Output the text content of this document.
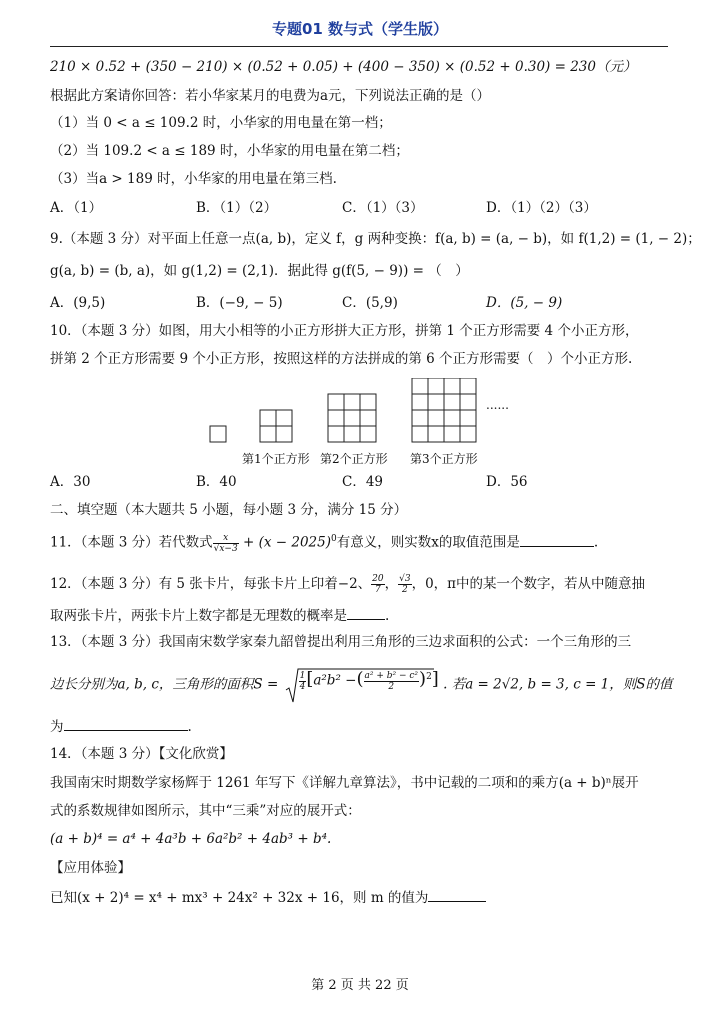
专题01 数与式（学生版）
210 × 0.52 + (350 − 210) × (0.52 + 0.05) + (400 − 350) × (0.52 + 0.30) = 230（元）
根据此方案请你回答：若小华家某月的电费为a元，下列说法正确的是（）
（1）当 0 < a ≤ 109.2 时，小华家的用电量在第一档；
（2）当 109.2 < a ≤ 189 时，小华家的用电量在第二档；
（3）当a > 189 时，小华家的用电量在第三档.
A．（1）	B．（1）（2）	C．（1）（3）	D．（1）（2）（3）
9.（本题 3 分）对平面上任意一点(a, b)，定义 f，g 两种变换：f(a, b) = (a, − b)，如 f(1,2) = (1, − 2)；
g(a, b) = (b, a)，如 g(1,2) = (2,1)．据此得 g(f(5, − 9)) = （　）
A．(9,5)	B．(−9, − 5)	C．(5,9)	D．(5, − 9)
10．（本题 3 分）如图，用大小相等的小正方形拼大正方形，拼第 1 个正方形需要 4 个小正方形，
拼第 2 个正方形需要 9 个小正方形，按照这样的方法拼成的第 6 个正方形需要（　）个小正方形.
......
第1个正方形 第2个正方形 第3个正方形
A．30	B．40	C．49	D．56
二、填空题（本大题共 5 小题，每小题 3 分，满分 15 分）
11．（本题 3 分）若代数式 $\frac{x}{√x-3} + (x - 2025)^0$有意义，则实数x的取值范围是	.
12．（本题 3 分）有 5 张卡片，每张卡片上印着−2、 $\frac{20}{7}$ ， $\frac{√3}{2}$ ，0，π中的某一个数字，若从中随意抽
取两张卡片，两张卡片上数字都是无理数的概率是	.
13．（本题 3 分）我国南宋数学家秦九韶曾提出利用三角形的三边求面积的公式：一个三角形的三
边长分别为a, b, c，三角形的面积$S = \frac{1}{4} [a^2b^2$ −( $\frac{\text{a² + b² − c²}}{2} )^2$] . 若a = 2√2, b = 3, c = 1，则S的值
为	.
14．（本题 3 分）【文化欣赏】
我国南宋时期数学家杨辉于 1261 年写下《详解九章算法》，书中记载的二项和的乘方(a + b)ⁿ展开
式的系数规律如图所示，其中“三乘”对应的展开式：
(a + b)⁴ = a⁴ + 4a³b + 6a²b² + 4ab³ + b⁴.
【应用体验】
已知(x + 2)⁴ = x⁴ + mx³ + 24x² + 32x + 16，则 m 的值为
第 2 页 共 22 页
